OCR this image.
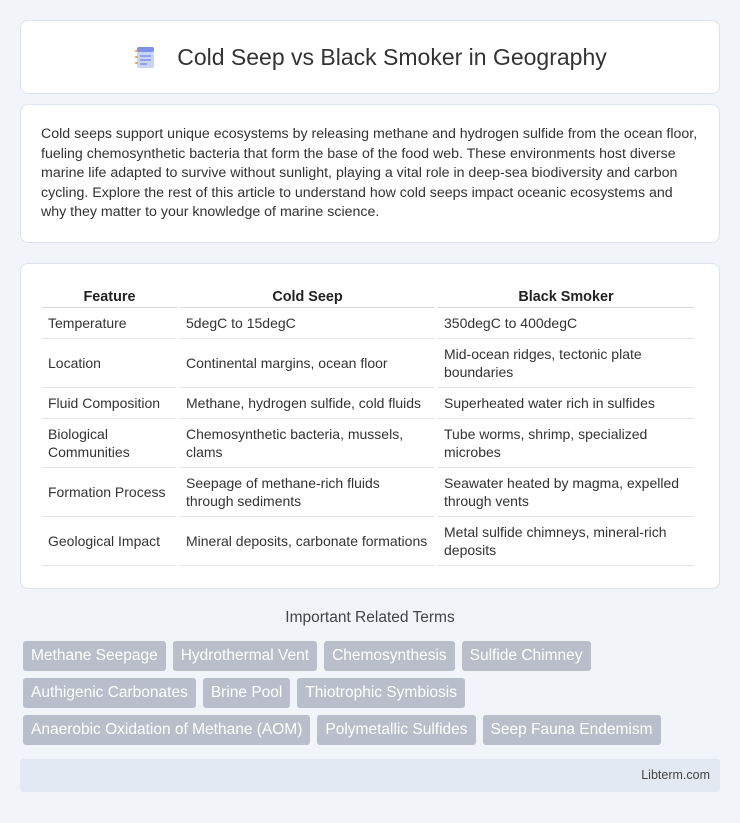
Cold Seep vs Black Smoker in Geography

Cold seeps support unique ecosystems by releasing methane and hydrogen sulfide from the ocean floor, fueling chemosynthetic bacteria that form the base of the food web. These environments host diverse marine life adapted to survive without sunlight, playing a vital role in deep-sea biodiversity and carbon cycling. Explore the rest of this article to understand how cold seeps impact oceanic ecosystems and why they matter to your knowledge of marine science.

Feature	Cold Seep	Black Smoker
Temperature	5degC to 15degC	350degC to 400degC
Location	Continental margins, ocean floor	Mid-ocean ridges, tectonic plate boundaries
Fluid Composition	Methane, hydrogen sulfide, cold fluids	Superheated water rich in sulfides
Biological Communities	Chemosynthetic bacteria, mussels, clams	Tube worms, shrimp, specialized microbes
Formation Process	Seepage of methane-rich fluids through sediments	Seawater heated by magma, expelled through vents
Geological Impact	Mineral deposits, carbonate formations	Metal sulfide chimneys, mineral-rich deposits
Important Related Terms
Methane Seepage	Hydrothermal Vent	Chemosynthesis	Sulfide Chimney
Authigenic Carbonates	Brine Pool	Thiotrophic Symbiosis
Anaerobic Oxidation of Methane (AOM)	Polymetallic Sulfides	Seep Fauna Endemism
Libterm.com
